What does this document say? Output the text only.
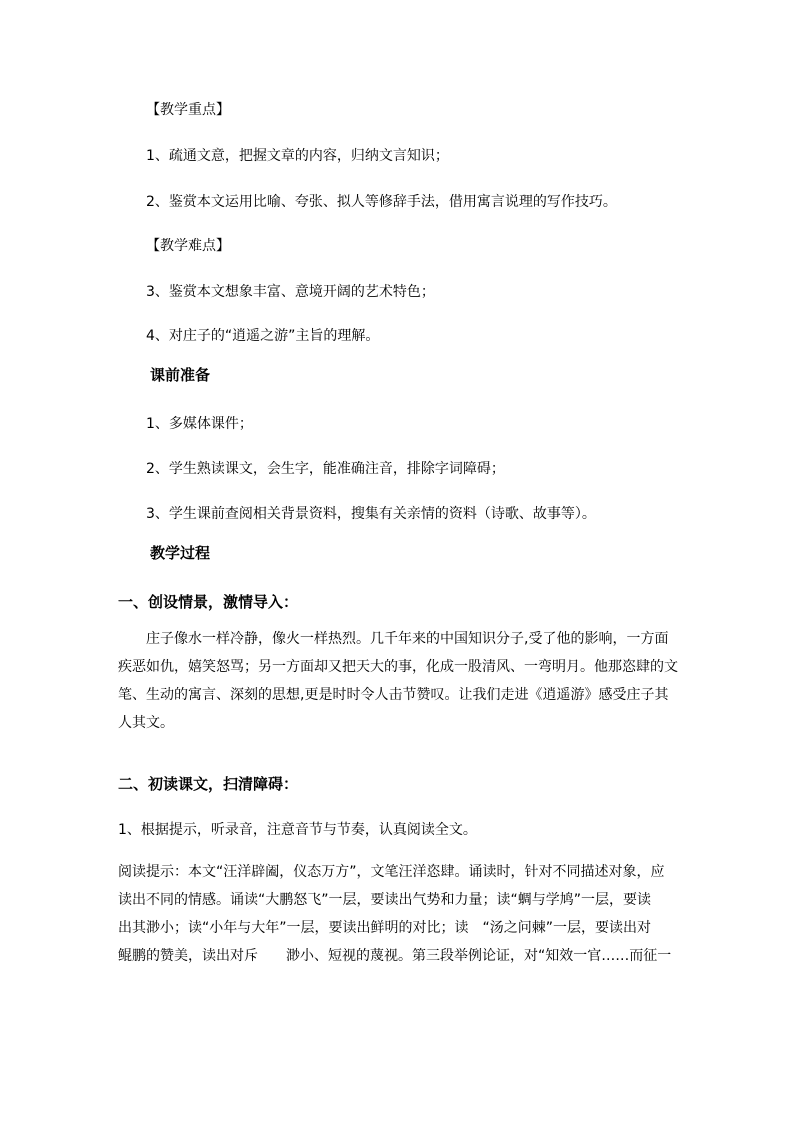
【教学重点】
1、疏通文意，把握文章的内容，归纳文言知识；
2、鉴赏本文运用比喻、夸张、拟人等修辞手法，借用寓言说理的写作技巧。
【教学难点】
3、鉴赏本文想象丰富、意境开阔的艺术特色；
4、对庄子的“逍遥之游”主旨的理解。
课前准备
1、多媒体课件；
2、学生熟读课文，会生字，能准确注音，排除字词障碍；
3、学生课前查阅相关背景资料，搜集有关亲情的资料（诗歌、故事等）。
教学过程
一、创设情景，激情导入：

　　庄子像水一样冷静，像火一样热烈。几千年来的中国知识分子,受了他的影响，一方面

疾恶如仇，嬉笑怒骂；另一方面却又把天大的事，化成一股清风、一弯明月。他那恣肆的文

笔、生动的寓言、深刻的思想,更是时时令人击节赞叹。让我们走进《逍遥游》感受庄子其

人其文。

二、初读课文，扫清障碍：
1、根据提示，听录音，注意音节与节奏，认真阅读全文。

阅读提示：本文“汪洋辟阖，仪态万方”，文笔汪洋恣肆。诵读时，针对不同描述对象，应

读出不同的情感。诵读“大鹏怒飞”一层，要读出气势和力量；读“蜩与学鸠”一层，要读

出其渺小；读“小年与大年”一层，要读出鲜明的对比；读　“汤之问棘”一层，要读出对

鲲鹏的赞美，读出对斥　　渺小、短视的蔑视。第三段举例论证，对“知效一官……而征一
